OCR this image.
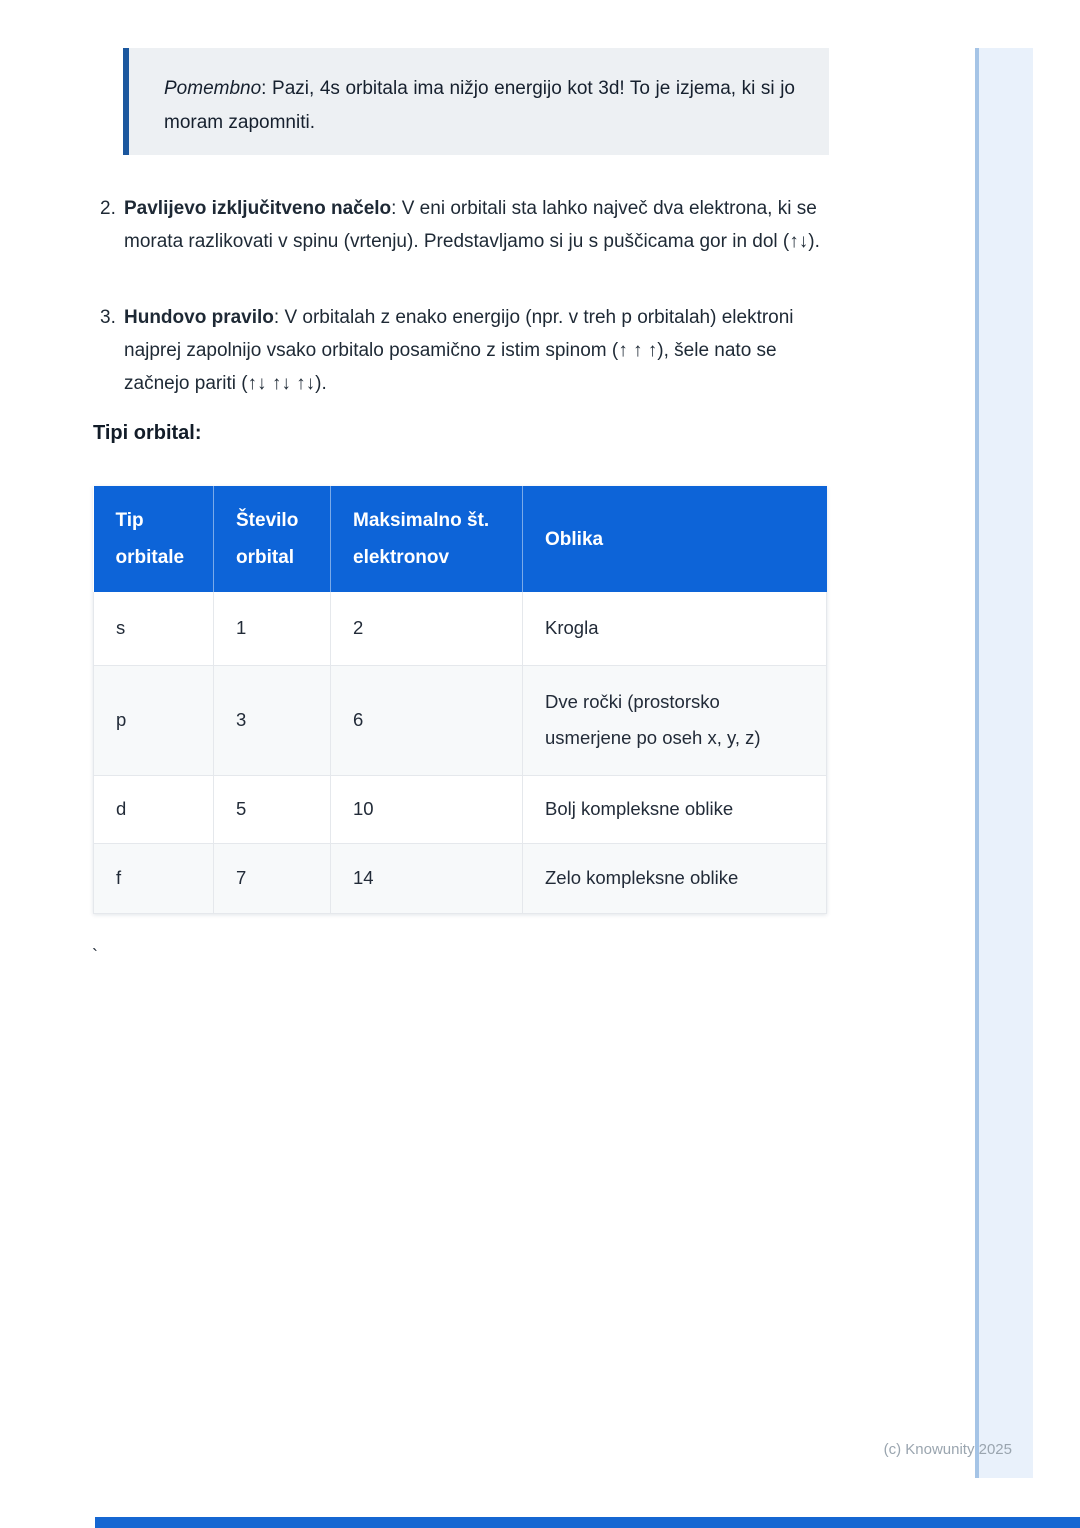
Pomembno: Pazi, 4s orbitala ima nižjo energijo kot 3d! To je izjema, ki si jo moram zapomniti.
2. Pavlijevo izključitveno načelo: V eni orbitali sta lahko največ dva elektrona, ki se morata razlikovati v spinu (vrtenju). Predstavljamo si ju s puščicama gor in dol (↑↓).
3. Hundovo pravilo: V orbitalah z enako energijo (npr. v treh p orbitalah) elektroni najprej zapolnijo vsako orbitalo posamično z istim spinom (↑ ↑ ↑), šele nato se začnejo pariti (↑↓ ↑↓ ↑↓).
Tipi orbital:
Tip orbitale	Število orbital	Maksimalno št. elektronov	Oblika
s	1	2	Krogla
p	3	6	Dve ročki (prostorsko usmerjene po oseh x, y, z)
d	5	10	Bolj kompleksne oblike
f	7	14	Zelo kompleksne oblike
`
(c) Knowunity 2025
